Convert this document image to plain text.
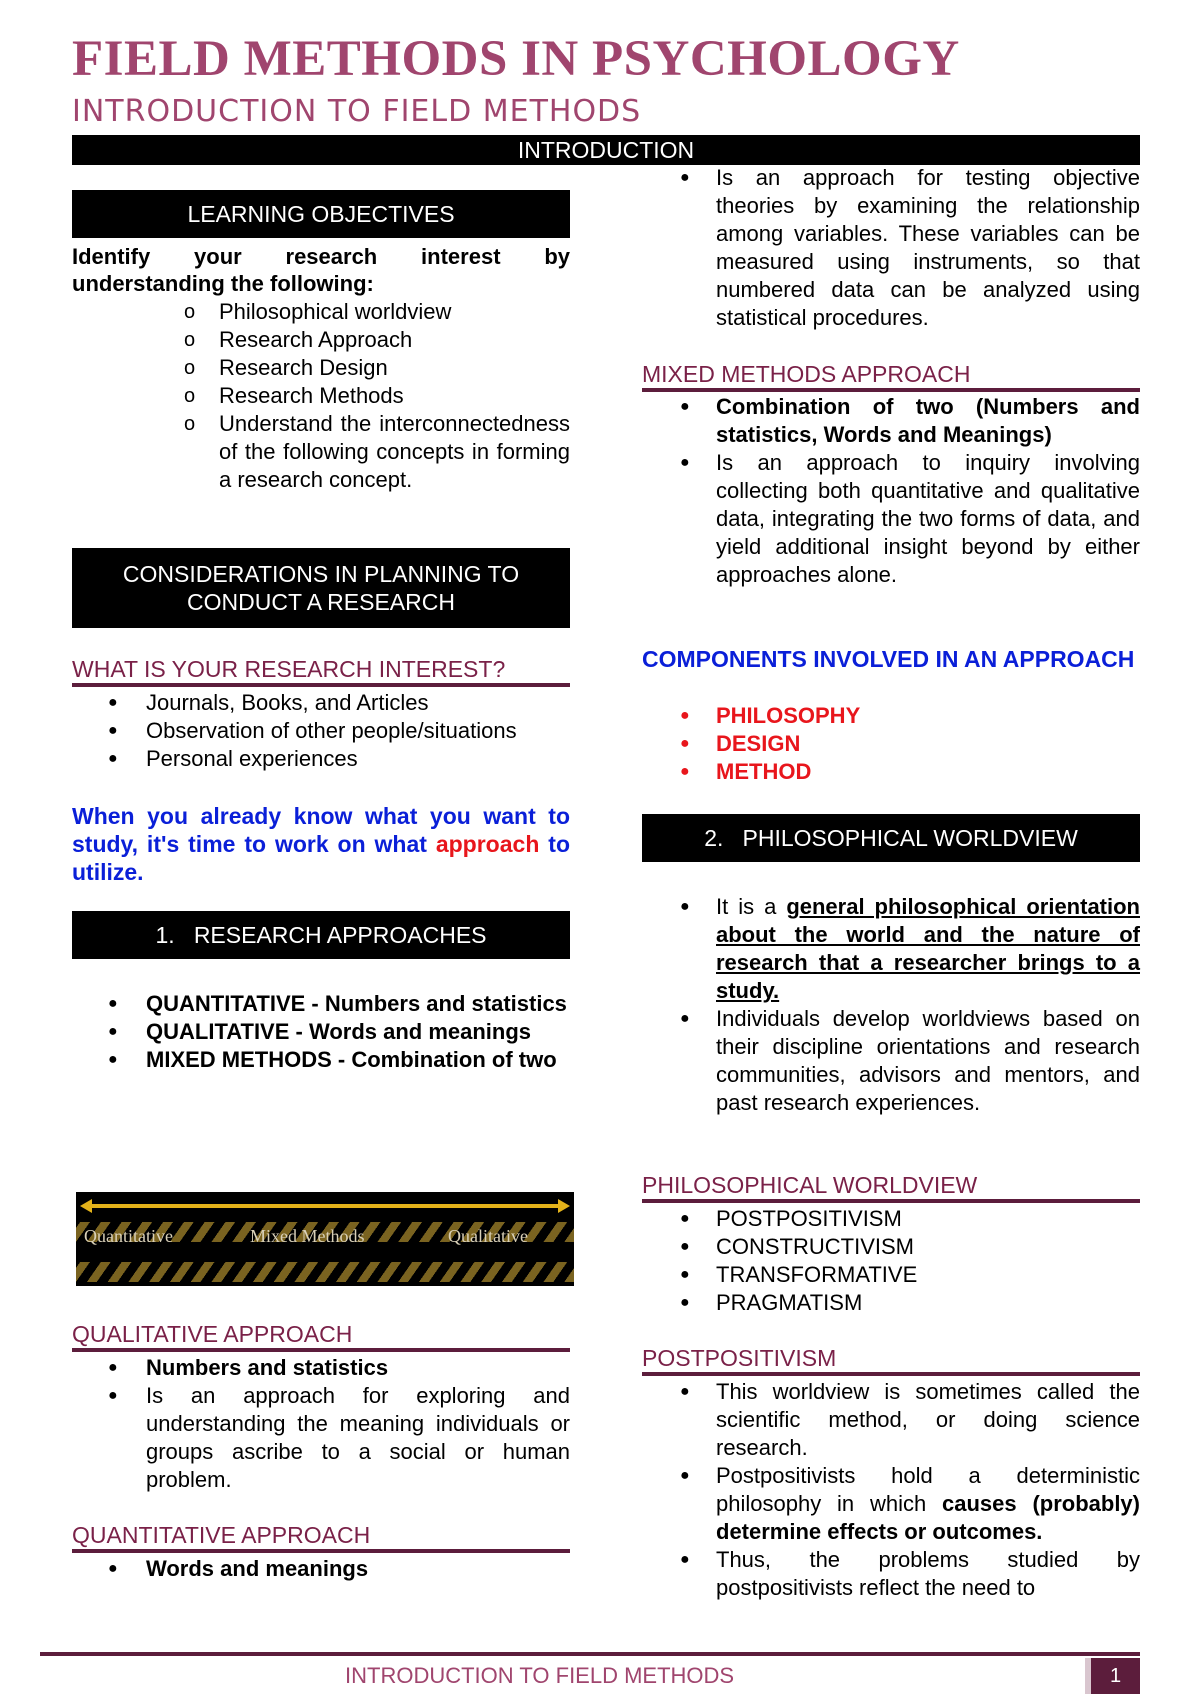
FIELD METHODS IN PSYCHOLOGY
INTRODUCTION TO FIELD METHODS
INTRODUCTION
LEARNING OBJECTIVES
Identify your research interest by understanding the following:
o Philosophical worldview
o Research Approach
o Research Design
o Research Methods
o Understand the interconnectedness of the following concepts in forming a research concept.
CONSIDERATIONS IN PLANNING TO CONDUCT A RESEARCH
WHAT IS YOUR RESEARCH INTEREST?
● Journals, Books, and Articles
● Observation of other people/situations
● Personal experiences
When you already know what you want to study, it's time to work on what approach to utilize.
1.   RESEARCH APPROACHES
● QUANTITATIVE - Numbers and statistics
● QUALITATIVE - Words and meanings
● MIXED METHODS - Combination of two
Quantitative	Mixed Methods	Qualitative
QUALITATIVE APPROACH
● Numbers and statistics
● Is an approach for exploring and understanding the meaning individuals or groups ascribe to a social or human problem.
QUANTITATIVE APPROACH
● Words and meanings
● Is an approach for testing objective theories by examining the relationship among variables. These variables can be measured using instruments, so that numbered data can be analyzed using statistical procedures.
MIXED METHODS APPROACH
● Combination of two (Numbers and statistics, Words and Meanings)
● Is an approach to inquiry involving collecting both quantitative and qualitative data, integrating the two forms of data, and yield additional insight beyond by either approaches alone.
COMPONENTS INVOLVED IN AN APPROACH
● PHILOSOPHY
● DESIGN
● METHOD
2.   PHILOSOPHICAL WORLDVIEW
● It is a general philosophical orientation about the world and the nature of research that a researcher brings to a study.
● Individuals develop worldviews based on their discipline orientations and research communities, advisors and mentors, and past research experiences.
PHILOSOPHICAL WORLDVIEW
● POSTPOSITIVISM
● CONSTRUCTIVISM
● TRANSFORMATIVE
● PRAGMATISM
POSTPOSITIVISM
● This worldview is sometimes called the scientific method, or doing science research.
● Postpositivists hold a deterministic philosophy in which causes (probably) determine effects or outcomes.
● Thus, the problems studied by postpositivists reflect the need to
INTRODUCTION TO FIELD METHODS	1
